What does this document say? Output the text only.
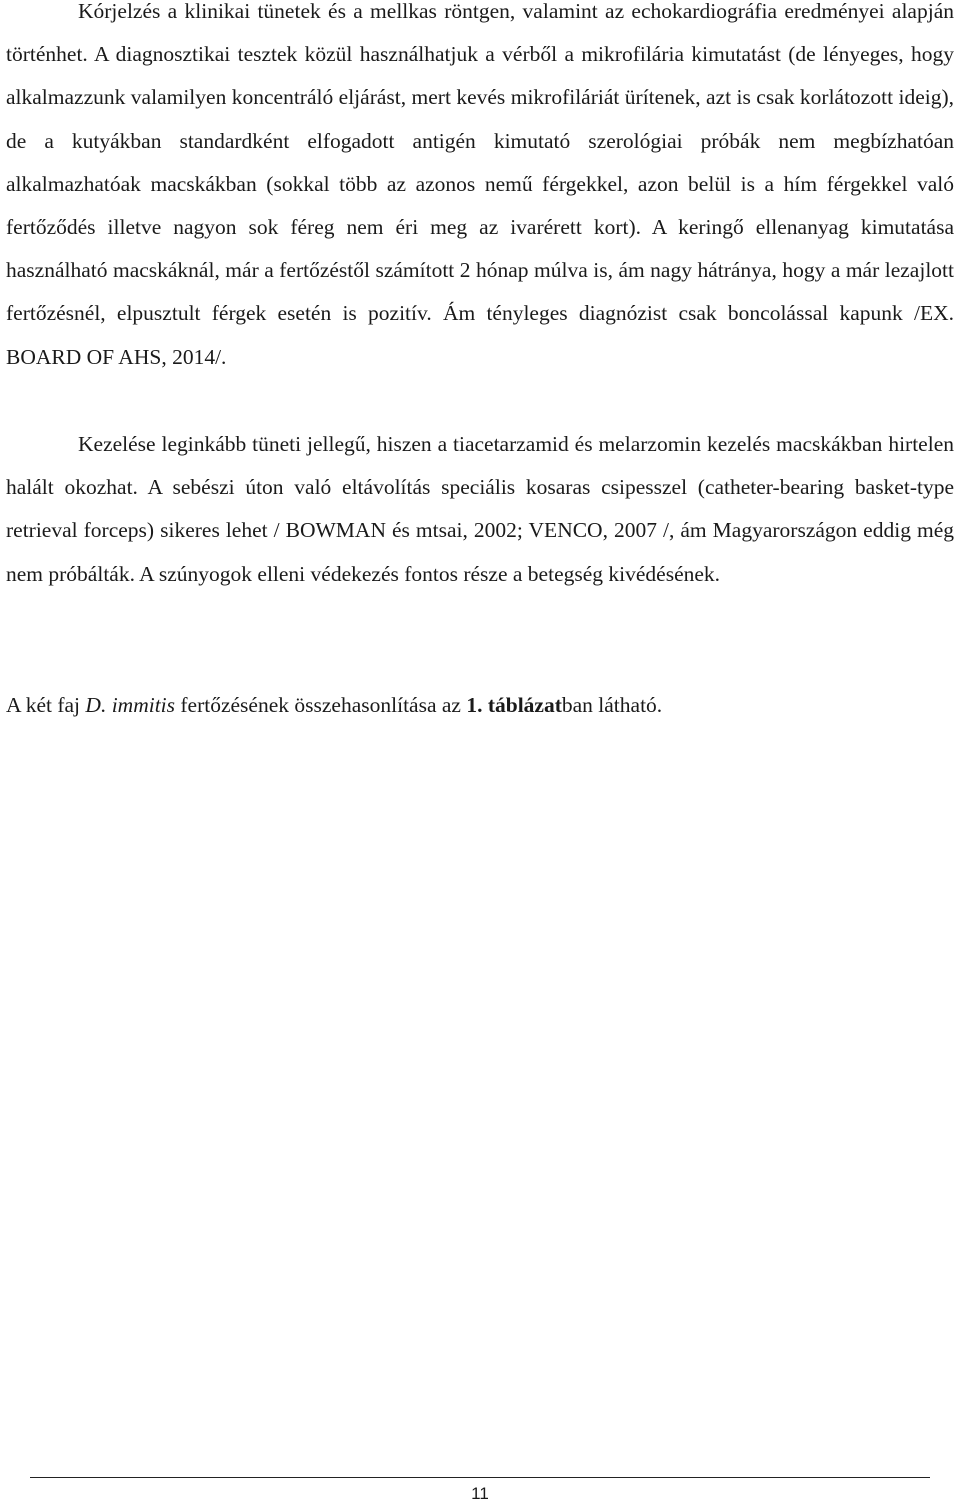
Kórjelzés a klinikai tünetek és a mellkas röntgen, valamint az echokardiográfia eredményei alapján történhet. A diagnosztikai tesztek közül használhatjuk a vérből a mikrofilária kimutatást (de lényeges, hogy alkalmazzunk valamilyen koncentráló eljárást, mert kevés mikrofiláriát ürítenek, azt is csak korlátozott ideig), de a kutyákban standardként elfogadott antigén kimutató szerológiai próbák nem megbízhatóan alkalmazhatóak macskákban (sokkal több az azonos nemű férgekkel, azon belül is a hím férgekkel való fertőződés illetve nagyon sok féreg nem éri meg az ivarérett kort). A keringő ellenanyag kimutatása használható macskáknál, már a fertőzéstől számított 2 hónap múlva is, ám nagy hátránya, hogy a már lezajlott fertőzésnél, elpusztult férgek esetén is pozitív. Ám tényleges diagnózist csak boncolással kapunk /EX. BOARD OF AHS, 2014/.

Kezelése leginkább tüneti jellegű, hiszen a tiacetarzamid és melarzomin kezelés macskákban hirtelen halált okozhat. A sebészi úton való eltávolítás speciális kosaras csipesszel (catheter-bearing basket-type retrieval forceps) sikeres lehet / BOWMAN és mtsai, 2002; VENCO, 2007 /, ám Magyarországon eddig még nem próbálták. A szúnyogok elleni védekezés fontos része a betegség kivédésének.

A két faj D. immitis fertőzésének összehasonlítása az 1. táblázatban látható.

11
